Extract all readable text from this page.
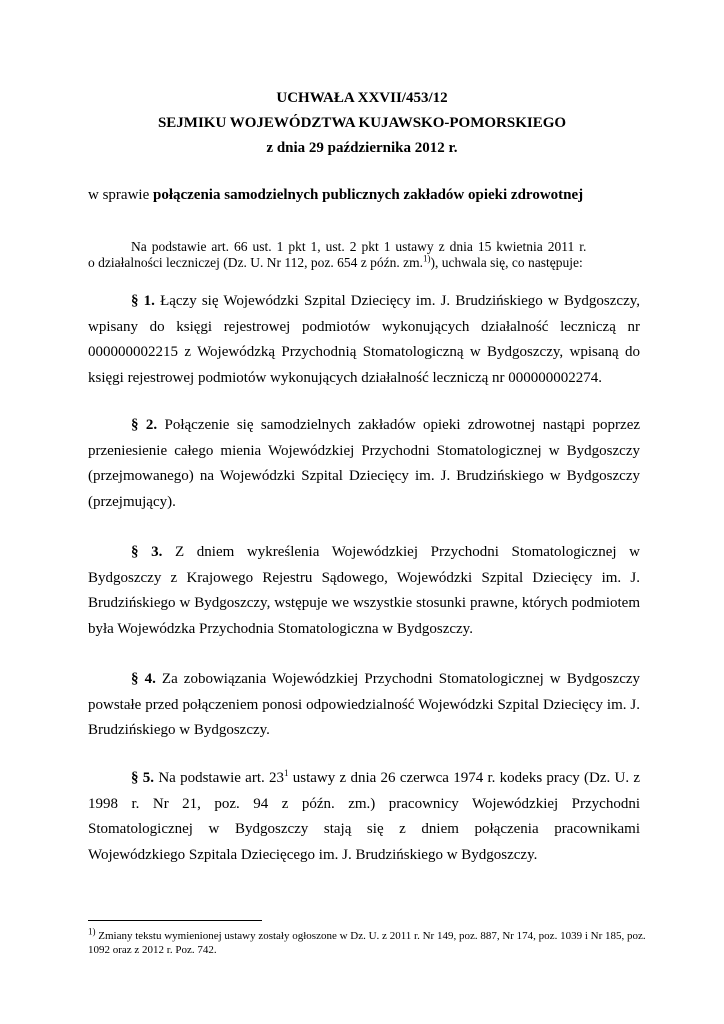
UCHWAŁA XXVII/453/12
SEJMIKU WOJEWÓDZTWA KUJAWSKO-POMORSKIEGO
z dnia 29 października 2012 r.
w sprawie połączenia samodzielnych publicznych zakładów opieki zdrowotnej
Na podstawie art. 66 ust. 1 pkt 1, ust. 2 pkt 1 ustawy z dnia 15 kwietnia 2011 r.
o działalności leczniczej (Dz. U. Nr 112, poz. 654 z późn. zm.$^{1)}$), uchwala się, co następuje:
§ 1. Łączy się Wojewódzki Szpital Dziecięcy im. J. Brudzińskiego w Bydgoszczy, wpisany do księgi rejestrowej podmiotów wykonujących działalność leczniczą nr 000000002215 z Wojewódzką Przychodnią Stomatologiczną w Bydgoszczy, wpisaną do księgi rejestrowej podmiotów wykonujących działalność leczniczą nr 000000002274.
§ 2. Połączenie się samodzielnych zakładów opieki zdrowotnej nastąpi poprzez przeniesienie całego mienia Wojewódzkiej Przychodni Stomatologicznej w Bydgoszczy (przejmowanego) na Wojewódzki Szpital Dziecięcy im. J. Brudzińskiego w Bydgoszczy (przejmujący).
§ 3. Z dniem wykreślenia Wojewódzkiej Przychodni Stomatologicznej w Bydgoszczy z Krajowego Rejestru Sądowego, Wojewódzki Szpital Dziecięcy im. J. Brudzińskiego w Bydgoszczy, wstępuje we wszystkie stosunki prawne, których podmiotem była Wojewódzka Przychodnia Stomatologiczna w Bydgoszczy.
§ 4. Za zobowiązania Wojewódzkiej Przychodni Stomatologicznej w Bydgoszczy powstałe przed połączeniem ponosi odpowiedzialność Wojewódzki Szpital Dziecięcy im. J. Brudzińskiego w Bydgoszczy.
§ 5. Na podstawie art. $23^1$ ustawy z dnia 26 czerwca 1974 r. kodeks pracy (Dz. U. z 1998 r. Nr 21, poz. 94 z późn. zm.) pracownicy Wojewódzkiej Przychodni Stomatologicznej w Bydgoszczy stają się z dniem połączenia pracownikami Wojewódzkiego Szpitala Dziecięcego im. J. Brudzińskiego w Bydgoszczy.
$^{1)}$ Zmiany tekstu wymienionej ustawy zostały ogłoszone w Dz. U. z 2011 r. Nr 149, poz. 887, Nr 174, poz. 1039 i Nr 185, poz. 1092 oraz z 2012 r. Poz. 742.
